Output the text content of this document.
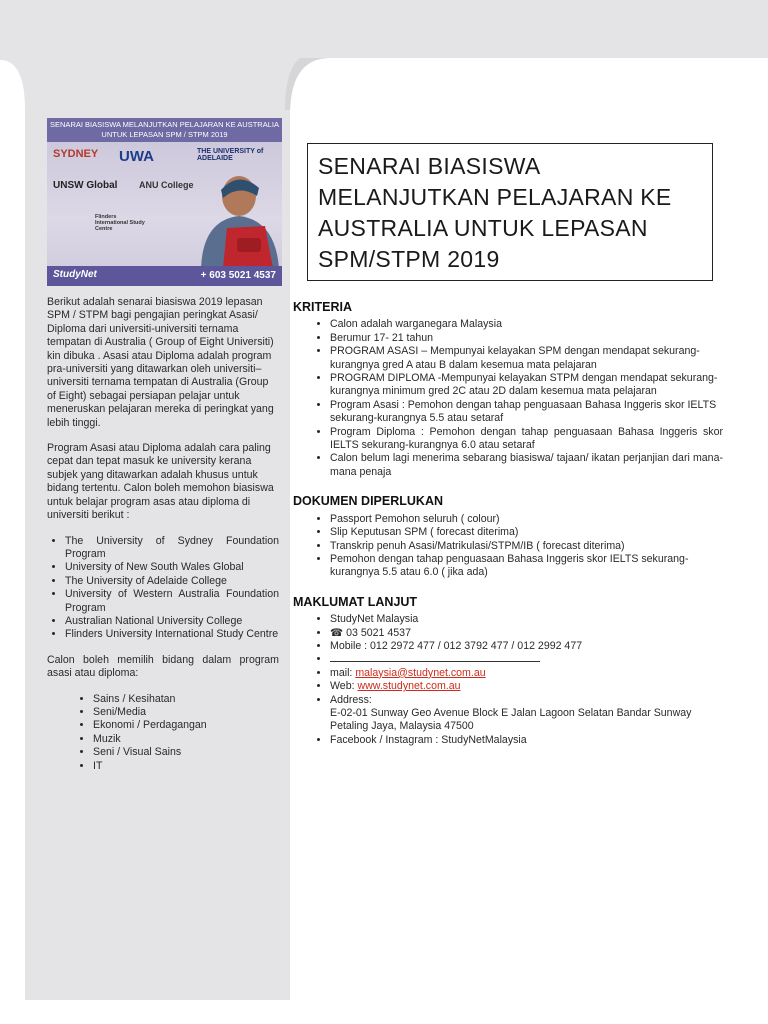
SENARAI BIASISWA MELANJUTKAN PELAJARAN KE AUSTRALIA UNTUK LEPASAN SPM / STPM 2019
SYDNEY UWA	THE UNIVERSITY of ADELAIDE
UNSW Global ANU College
Flinders International Study Centre
StudyNet	+ 603 5021 4537
SENARAI BIASISWA MELANJUTKAN PELAJARAN KE AUSTRALIA UNTUK LEPASAN SPM/STPM 2019

Berikut adalah senarai biasiswa 2019 lepasan SPM / STPM bagi pengajian peringkat Asasi/ Diploma dari universiti-universiti ternama tempatan di Australia ( Group of Eight Universiti) kin dibuka . Asasi atau Diploma adalah program pra-universiti yang ditawarkan oleh universiti–universiti ternama tempatan di Australia (Group of Eight) sebagai persiapan pelajar untuk meneruskan pelajaran mereka di peringkat yang lebih tinggi.

Program Asasi atau Diploma adalah cara paling cepat dan tepat masuk ke university kerana subjek yang ditawarkan adalah khusus untuk bidang tertentu. Calon boleh memohon biasiswa untuk belajar program asas atau diploma di universiti berikut :

• The University of Sydney Foundation Program
• University of New South Wales Global
• The University of Adelaide College
• University of Western Australia Foundation Program
• Australian National University College
• Flinders University International Study Centre

Calon boleh memilih bidang dalam program asasi atau diploma:

• Sains / Kesihatan
• Seni/Media
• Ekonomi / Perdagangan
• Muzik
• Seni / Visual Sains
• IT
KRITERIA
• Calon adalah warganegara Malaysia
• Berumur 17- 21 tahun
• PROGRAM ASASI – Mempunyai kelayakan SPM dengan mendapat sekurang-kurangnya gred A atau B dalam kesemua mata pelajaran
• PROGRAM DIPLOMA -Mempunyai kelayakan STPM dengan mendapat sekurang-kurangnya minimum gred 2C atau 2D dalam kesemua mata pelajaran
• Program Asasi : Pemohon dengan tahap penguasaan Bahasa Inggeris skor IELTS sekurang-kurangnya 5.5 atau setaraf
• Program Diploma : Pemohon dengan tahap penguasaan Bahasa Inggeris skor IELTS sekurang-kurangnya 6.0 atau setaraf
• Calon belum lagi menerima sebarang biasiswa/ tajaan/ ikatan perjanjian dari mana-mana penaja
DOKUMEN DIPERLUKAN
• Passport Pemohon seluruh ( colour)
• Slip Keputusan SPM ( forecast diterima)
• Transkrip penuh Asasi/Matrikulasi/STPM/IB ( forecast diterima)
• Pemohon dengan tahap penguasaan Bahasa Inggeris skor IELTS sekurang-kurangnya 5.5 atau 6.0 ( jika ada)
MAKLUMAT LANJUT
• StudyNet Malaysia
• ☎ 03 5021 4537
• Mobile : 012 2972 477 / 012 3792 477 / 012 2992 477
•
• mail: malaysia@studynet.com.au
• Web: www.studynet.com.au
• Address:
E-02-01 Sunway Geo Avenue Block E Jalan Lagoon Selatan Bandar Sunway
Petaling Jaya, Malaysia 47500
• Facebook / Instagram : StudyNetMalaysia
